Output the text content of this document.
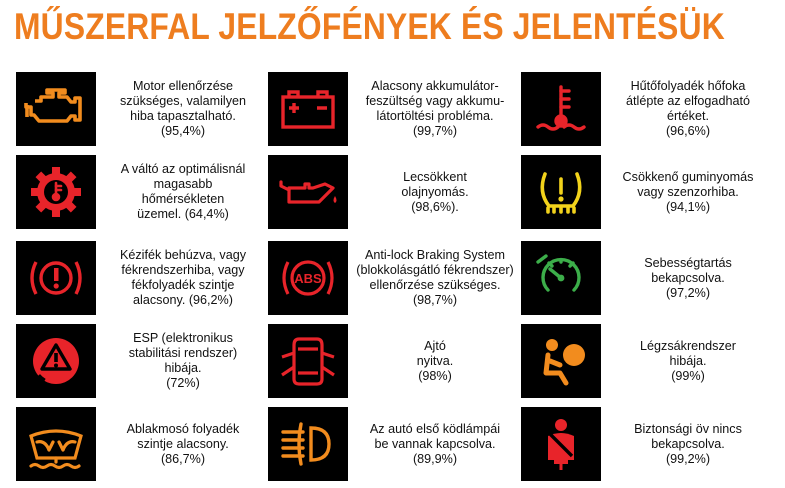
MŰSZERFAL JELZŐFÉNYEK ÉS JELENTÉSÜK
Motor ellenőrzése
szükséges, valamilyen
hiba tapasztalható.
(95,4%)
Alacsony akkumulátor-
feszültség vagy akkumu-
látortöltési probléma.
(99,7%)
Hűtőfolyadék hőfoka
átlépte az elfogadható
értéket.
(96,6%)
A váltó az optimálisnál
magasabb
hőmérsékleten
üzemel. (64,4%)
Lecsökkent
olajnyomás.
(98,6%).
Csökkenő guminyomás
vagy szenzorhiba.
(94,1%)
Kézifék behúzva, vagy
fékrendszerhiba, vagy
fékfolyadék szintje
alacsony. (96,2%)
ABS
Anti-lock Braking System
(blokkolásgátló fékrendszer)
ellenőrzése szükséges.
(98,7%)
Sebességtartás
bekapcsolva.
(97,2%)
ESP (elektronikus
stabilitási rendszer)
hibája.
(72%)
Ajtó
nyitva.
(98%)
Légzsákrendszer
hibája.
(99%)
Ablakmosó folyadék
szintje alacsony.
(86,7%)
Az autó első ködlámpái
be vannak kapcsolva.
(89,9%)
Biztonsági öv nincs
bekapcsolva.
(99,2%)
